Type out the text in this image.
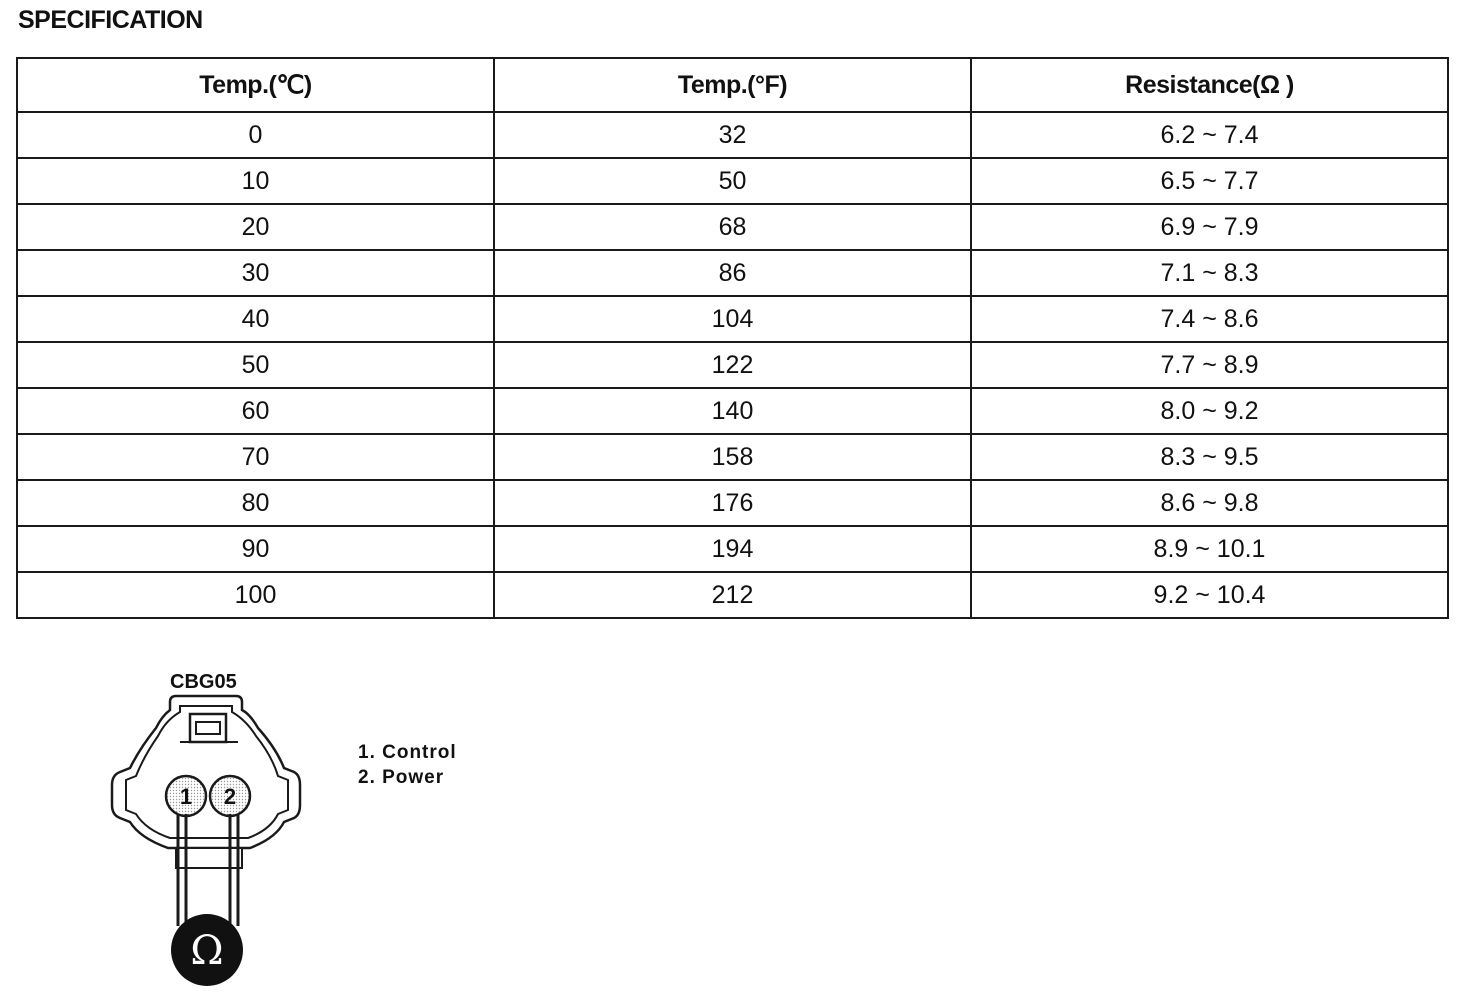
SPECIFICATION
Temp.(℃)	Temp.(°F)	Resistance(Ω )
0	32	6.2 ~ 7.4
10	50	6.5 ~ 7.7
20	68	6.9 ~ 7.9
30	86	7.1 ~ 8.3
40	104	7.4 ~ 8.6
50	122	7.7 ~ 8.9
60	140	8.0 ~ 9.2
70	158	8.3 ~ 9.5
80	176	8.6 ~ 9.8
90	194	8.9 ~ 10.1
100	212	9.2 ~ 10.4
CBG05
1 2
Ω
1. Control
2. Power
